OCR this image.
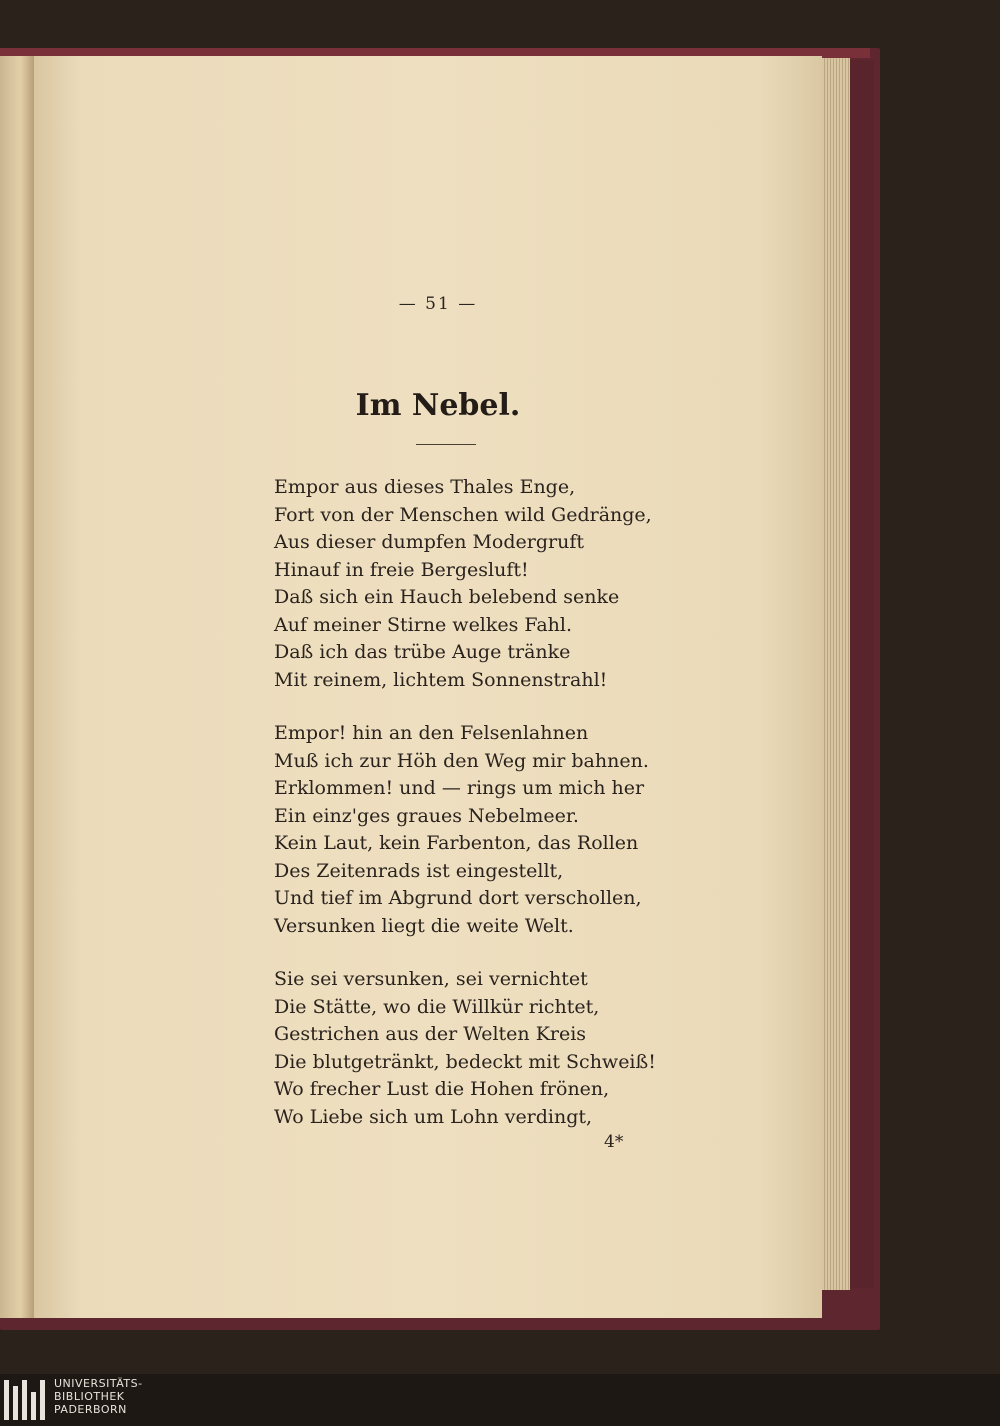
— 51 —
Im Nebel.
Empor aus dieses Thales Enge,
Fort von der Menschen wild Gedränge,
Aus dieser dumpfen Modergruft
Hinauf in freie Bergesluft!
Daß sich ein Hauch belebend senke
Auf meiner Stirne welkes Fahl.
Daß ich das trübe Auge tränke
Mit reinem, lichtem Sonnenstrahl!
Empor! hin an den Felsenlahnen
Muß ich zur Höh den Weg mir bahnen.
Erklommen! und — rings um mich her
Ein einz'ges graues Nebelmeer.
Kein Laut, kein Farbenton, das Rollen
Des Zeitenrads ist eingestellt,
Und tief im Abgrund dort verschollen,
Versunken liegt die weite Welt.
Sie sei versunken, sei vernichtet
Die Stätte, wo die Willkür richtet,
Gestrichen aus der Welten Kreis
Die blutgetränkt, bedeckt mit Schweiß!
Wo frecher Lust die Hohen frönen,
Wo Liebe sich um Lohn verdingt,
4*
UNIVERSITÄTS-
BIBLIOTHEK
PADERBORN
